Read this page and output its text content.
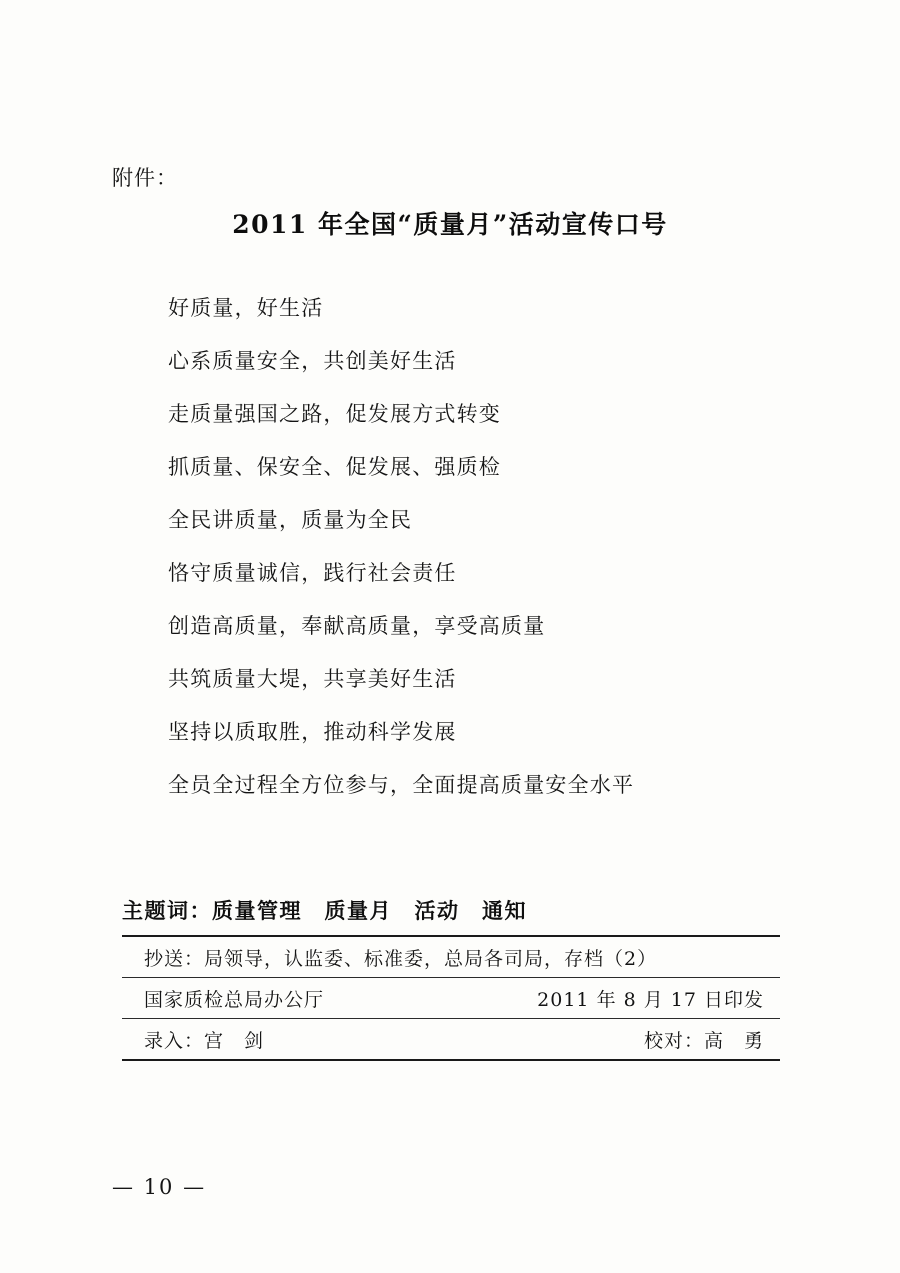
附件：
2011 年全国“质量月”活动宣传口号
好质量，好生活
心系质量安全，共创美好生活
走质量强国之路，促发展方式转变
抓质量、保安全、促发展、强质检
全民讲质量，质量为全民
恪守质量诚信，践行社会责任
创造高质量，奉献高质量，享受高质量
共筑质量大堤，共享美好生活
坚持以质取胜，推动科学发展
全员全过程全方位参与，全面提高质量安全水平
主题词：质量管理　质量月　活动　通知
抄送：局领导，认监委、标准委，总局各司局，存档（2）
国家质检总局办公厅	2011 年 8 月 17 日印发
录入：宫　剑	校对：高　勇
— 10 —
